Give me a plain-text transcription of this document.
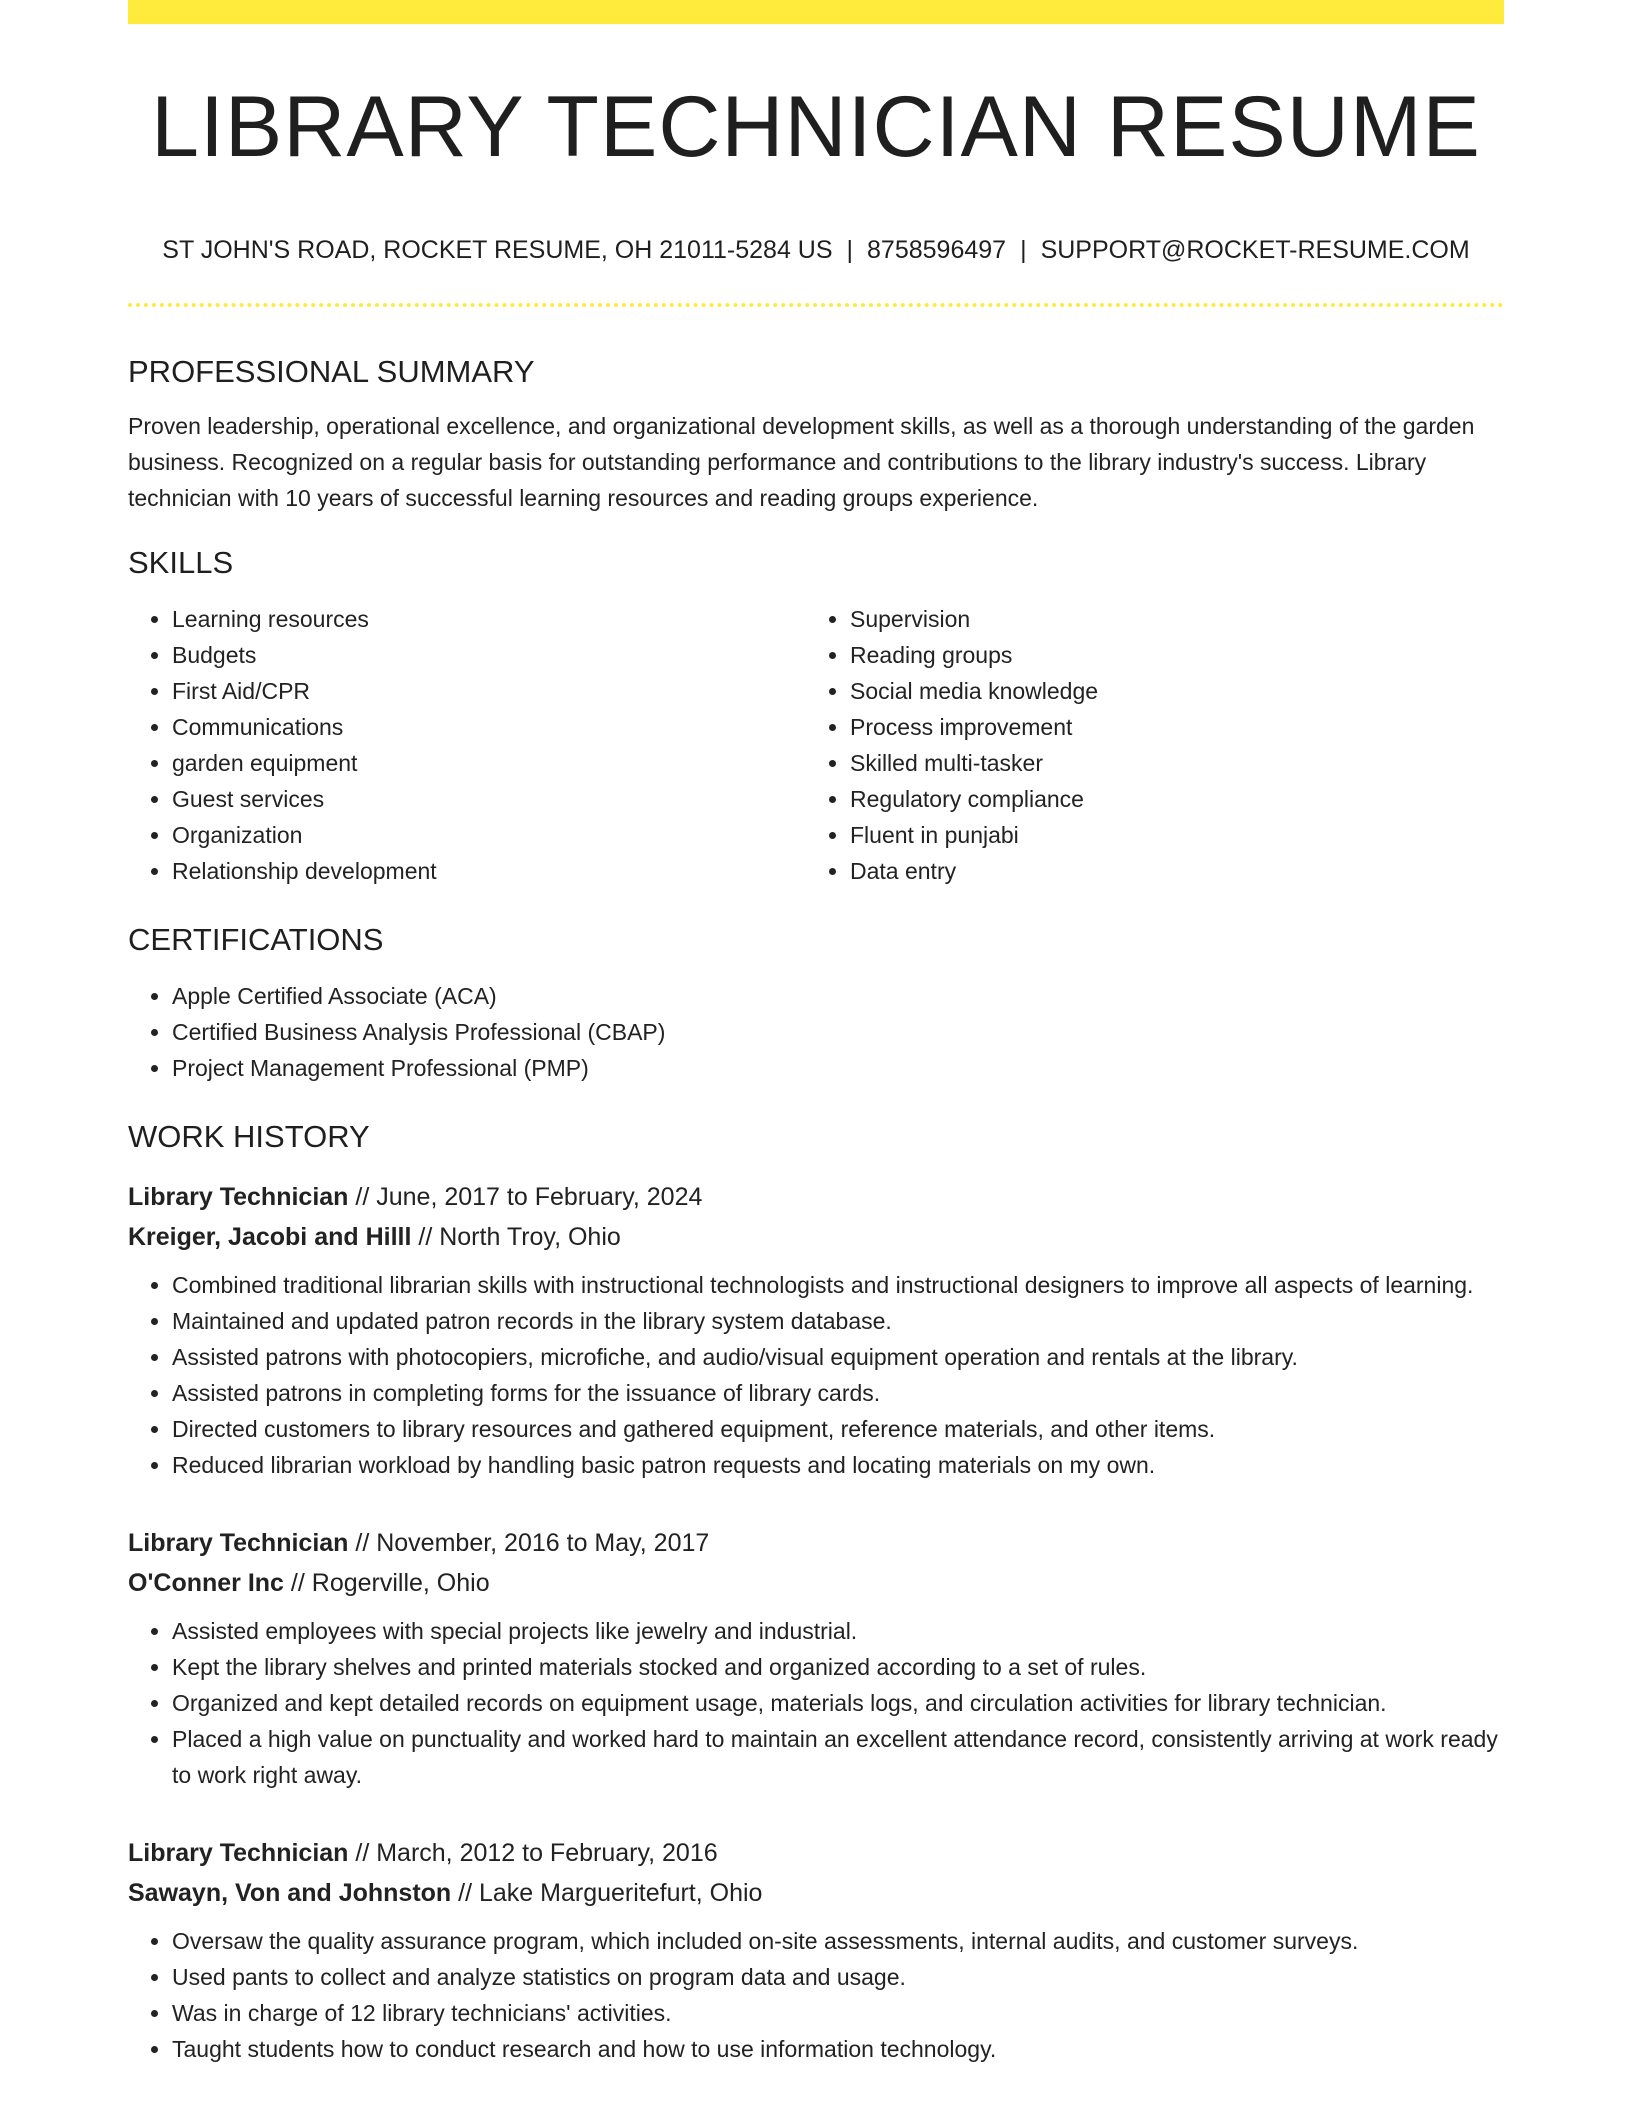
LIBRARY TECHNICIAN RESUME
ST JOHN'S ROAD, ROCKET RESUME, OH 21011-5284 US | 8758596497 | SUPPORT@ROCKET-RESUME.COM
PROFESSIONAL SUMMARY

Proven leadership, operational excellence, and organizational development skills, as well as a thorough understanding of the garden business. Recognized on a regular basis for outstanding performance and contributions to the library industry's success. Library technician with 10 years of successful learning resources and reading groups experience.

SKILLS
• Learning resources
• Budgets
• First Aid/CPR
• Communications
• garden equipment
• Guest services
• Organization
• Relationship development
• Supervision
• Reading groups
• Social media knowledge
• Process improvement
• Skilled multi-tasker
• Regulatory compliance
• Fluent in punjabi
• Data entry
CERTIFICATIONS
• Apple Certified Associate (ACA)
• Certified Business Analysis Professional (CBAP)
• Project Management Professional (PMP)
WORK HISTORY
Library Technician // June, 2017 to February, 2024
Kreiger, Jacobi and Hilll // North Troy, Ohio
• Combined traditional librarian skills with instructional technologists and instructional designers to improve all aspects of learning.
• Maintained and updated patron records in the library system database.
• Assisted patrons with photocopiers, microfiche, and audio/visual equipment operation and rentals at the library.
• Assisted patrons in completing forms for the issuance of library cards.
• Directed customers to library resources and gathered equipment, reference materials, and other items.
• Reduced librarian workload by handling basic patron requests and locating materials on my own.
Library Technician // November, 2016 to May, 2017
O'Conner Inc // Rogerville, Ohio
• Assisted employees with special projects like jewelry and industrial.
• Kept the library shelves and printed materials stocked and organized according to a set of rules.
• Organized and kept detailed records on equipment usage, materials logs, and circulation activities for library technician.
• Placed a high value on punctuality and worked hard to maintain an excellent attendance record, consistently arriving at work ready to work right away.
Library Technician // March, 2012 to February, 2016
Sawayn, Von and Johnston // Lake Margueritefurt, Ohio
• Oversaw the quality assurance program, which included on-site assessments, internal audits, and customer surveys.
• Used pants to collect and analyze statistics on program data and usage.
• Was in charge of 12 library technicians' activities.
• Taught students how to conduct research and how to use information technology.
